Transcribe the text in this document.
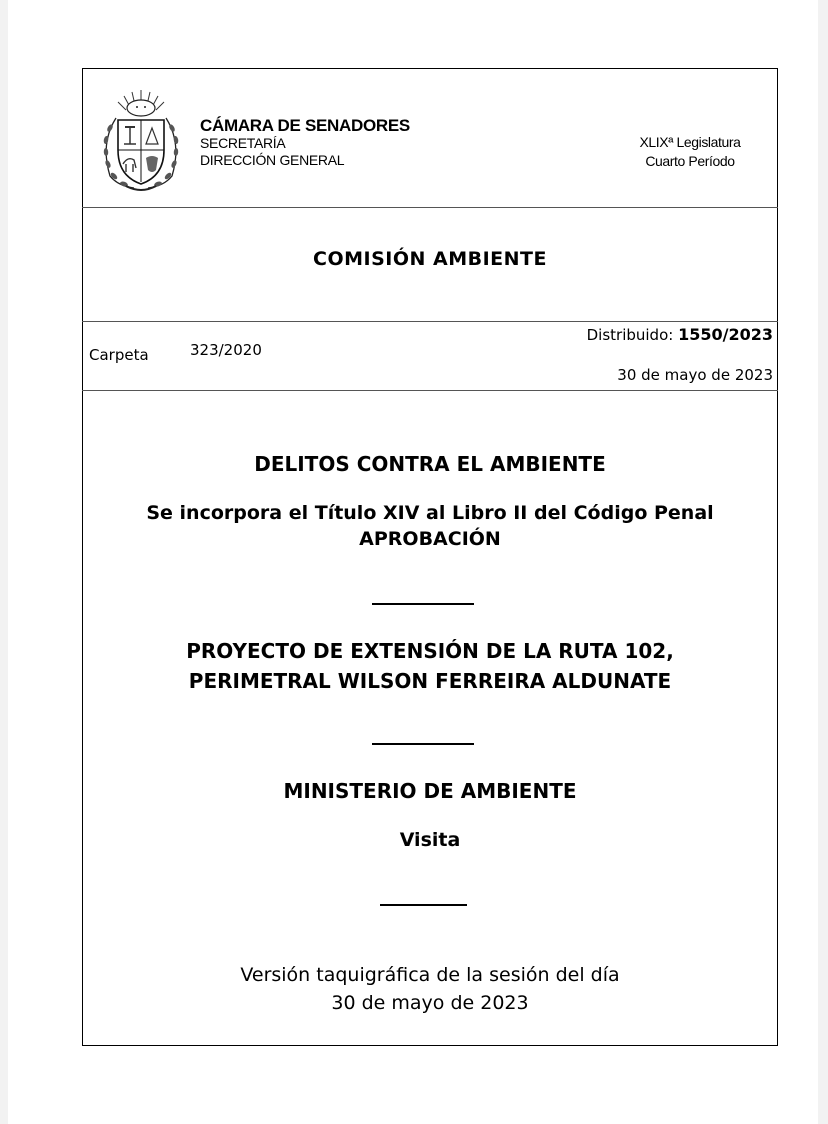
CÁMARA DE SENADORES
SECRETARÍA
DIRECCIÓN GENERAL
XLIXª Legislatura
Cuarto Período
COMISIÓN AMBIENTE
Carpeta	323/2020
Distribuido: 1550/2023
30 de mayo de 2023
DELITOS CONTRA EL AMBIENTE
Se incorpora el Título XIV al Libro II del Código Penal
APROBACIÓN
PROYECTO DE EXTENSIÓN DE LA RUTA 102,
PERIMETRAL WILSON FERREIRA ALDUNATE
MINISTERIO DE AMBIENTE
Visita
Versión taquigráfica de la sesión del día
30 de mayo de 2023
